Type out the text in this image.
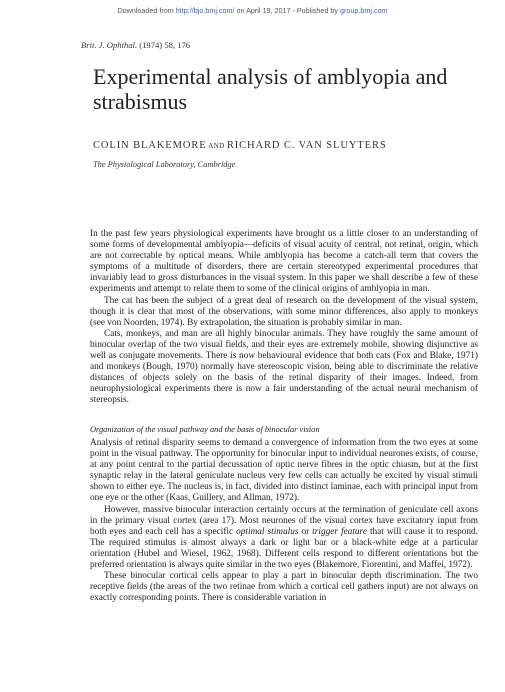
Downloaded from http://bjo.bmj.com/ on April 19, 2017 - Published by group.bmj.com
Brit. J. Ophthal. (1974) 58, 176
Experimental analysis of amblyopia and strabismus
COLIN BLAKEMORE AND RICHARD C. VAN SLUYTERS
The Physiological Laboratory, Cambridge

In the past few years physiological experiments have brought us a little closer to an understanding of some forms of developmental amblyopia—deficits of visual acuity of central, not retinal, origin, which are not correctable by optical means. While amblyopia has become a catch-all term that covers the symptoms of a multitude of disorders, there are certain stereotyped experimental procedures that invariably lead to gross disturbances in the visual system. In this paper we shall describe a few of these experiments and attempt to relate them to some of the clinical origins of amblyopia in man.

The cat has been the subject of a great deal of research on the development of the visual system, though it is clear that most of the observations, with some minor differences, also apply to monkeys (see von Noorden, 1974). By extrapolation, the situation is probably similar in man.

Cats, monkeys, and man are all highly binocular animals. They have roughly the same amount of binocular overlap of the two visual fields, and their eyes are extremely mobile, showing disjunctive as well as conjugate movements. There is now behavioural evidence that both cats (Fox and Blake, 1971) and monkeys (Bough, 1970) normally have stereoscopic vision, being able to discriminate the relative distances of objects solely on the basis of the retinal disparity of their images. Indeed, from neurophysiological experiments there is now a fair understanding of the actual neural mechanism of stereopsis.

Organization of the visual pathway and the basis of binocular vision

Analysis of retinal disparity seems to demand a convergence of information from the two eyes at some point in the visual pathway. The opportunity for binocular input to individual neurones exists, of course, at any point central to the partial decussation of optic nerve fibres in the optic chiasm, but at the first synaptic relay in the lateral geniculate nucleus very few cells can actually be excited by visual stimuli shown to either eye. The nucleus is, in fact, divided into distinct laminae, each with principal input from one eye or the other (Kaas, Guillery, and Allman, 1972).

However, massive binocular interaction certainly occurs at the termination of geniculate cell axons in the primary visual cortex (area 17). Most neurones of the visual cortex have excitatory input from both eyes and each cell has a specific optimal stimulus or trigger feature that will cause it to respond. The required stimulus is almost always a dark or light bar or a black-white edge at a particular orientation (Hubel and Wiesel, 1962, 1968). Different cells respond to different orientations but the preferred orientation is always quite similar in the two eyes (Blakemore, Fiorentini, and Maffei, 1972).

These binocular cortical cells appear to play a part in binocular depth discrimination. The two receptive fields (the areas of the two retinae from which a cortical cell gathers input) are not always on exactly corresponding points. There is considerable variation in
